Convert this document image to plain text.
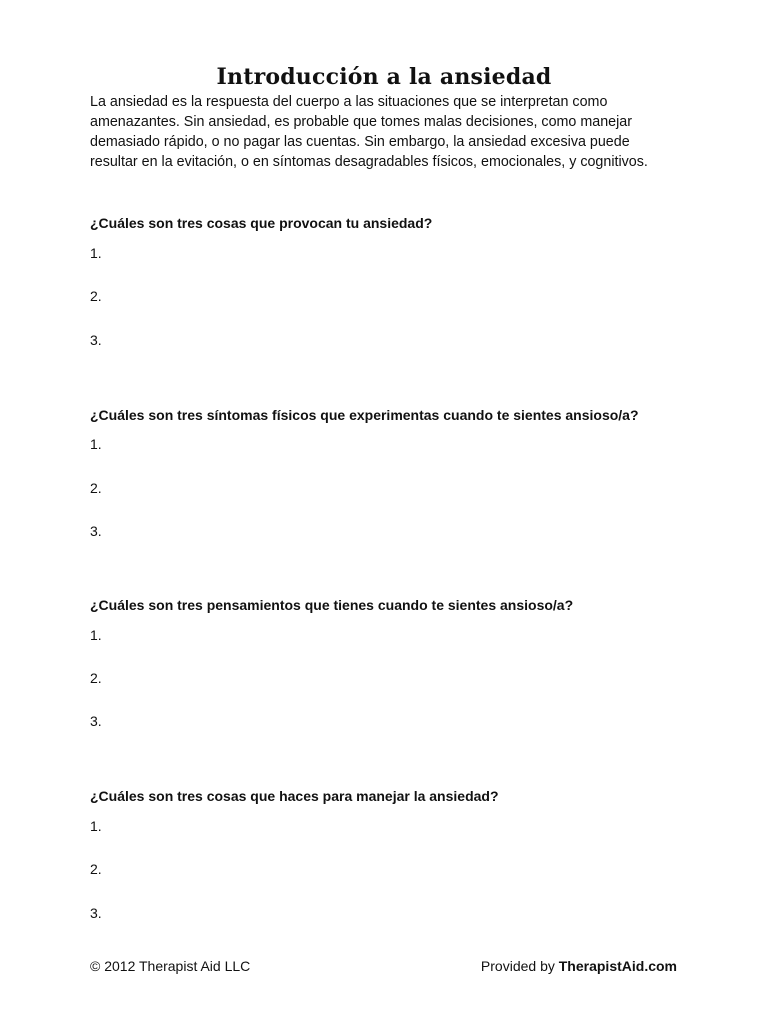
Introducción a la ansiedad
La ansiedad es la respuesta del cuerpo a las situaciones que se interpretan como
amenazantes. Sin ansiedad, es probable que tomes malas decisiones, como manejar
demasiado rápido, o no pagar las cuentas. Sin embargo, la ansiedad excesiva puede
resultar en la evitación, o en síntomas desagradables físicos, emocionales, y cognitivos.
¿Cuáles son tres cosas que provocan tu ansiedad?
1.
2.
3.
¿Cuáles son tres síntomas físicos que experimentas cuando te sientes ansioso/a?
1.
2.
3.
¿Cuáles son tres pensamientos que tienes cuando te sientes ansioso/a?
1.
2.
3.
¿Cuáles son tres cosas que haces para manejar la ansiedad?
1.
2.
3.
© 2012 Therapist Aid LLC	Provided by TherapistAid.com
